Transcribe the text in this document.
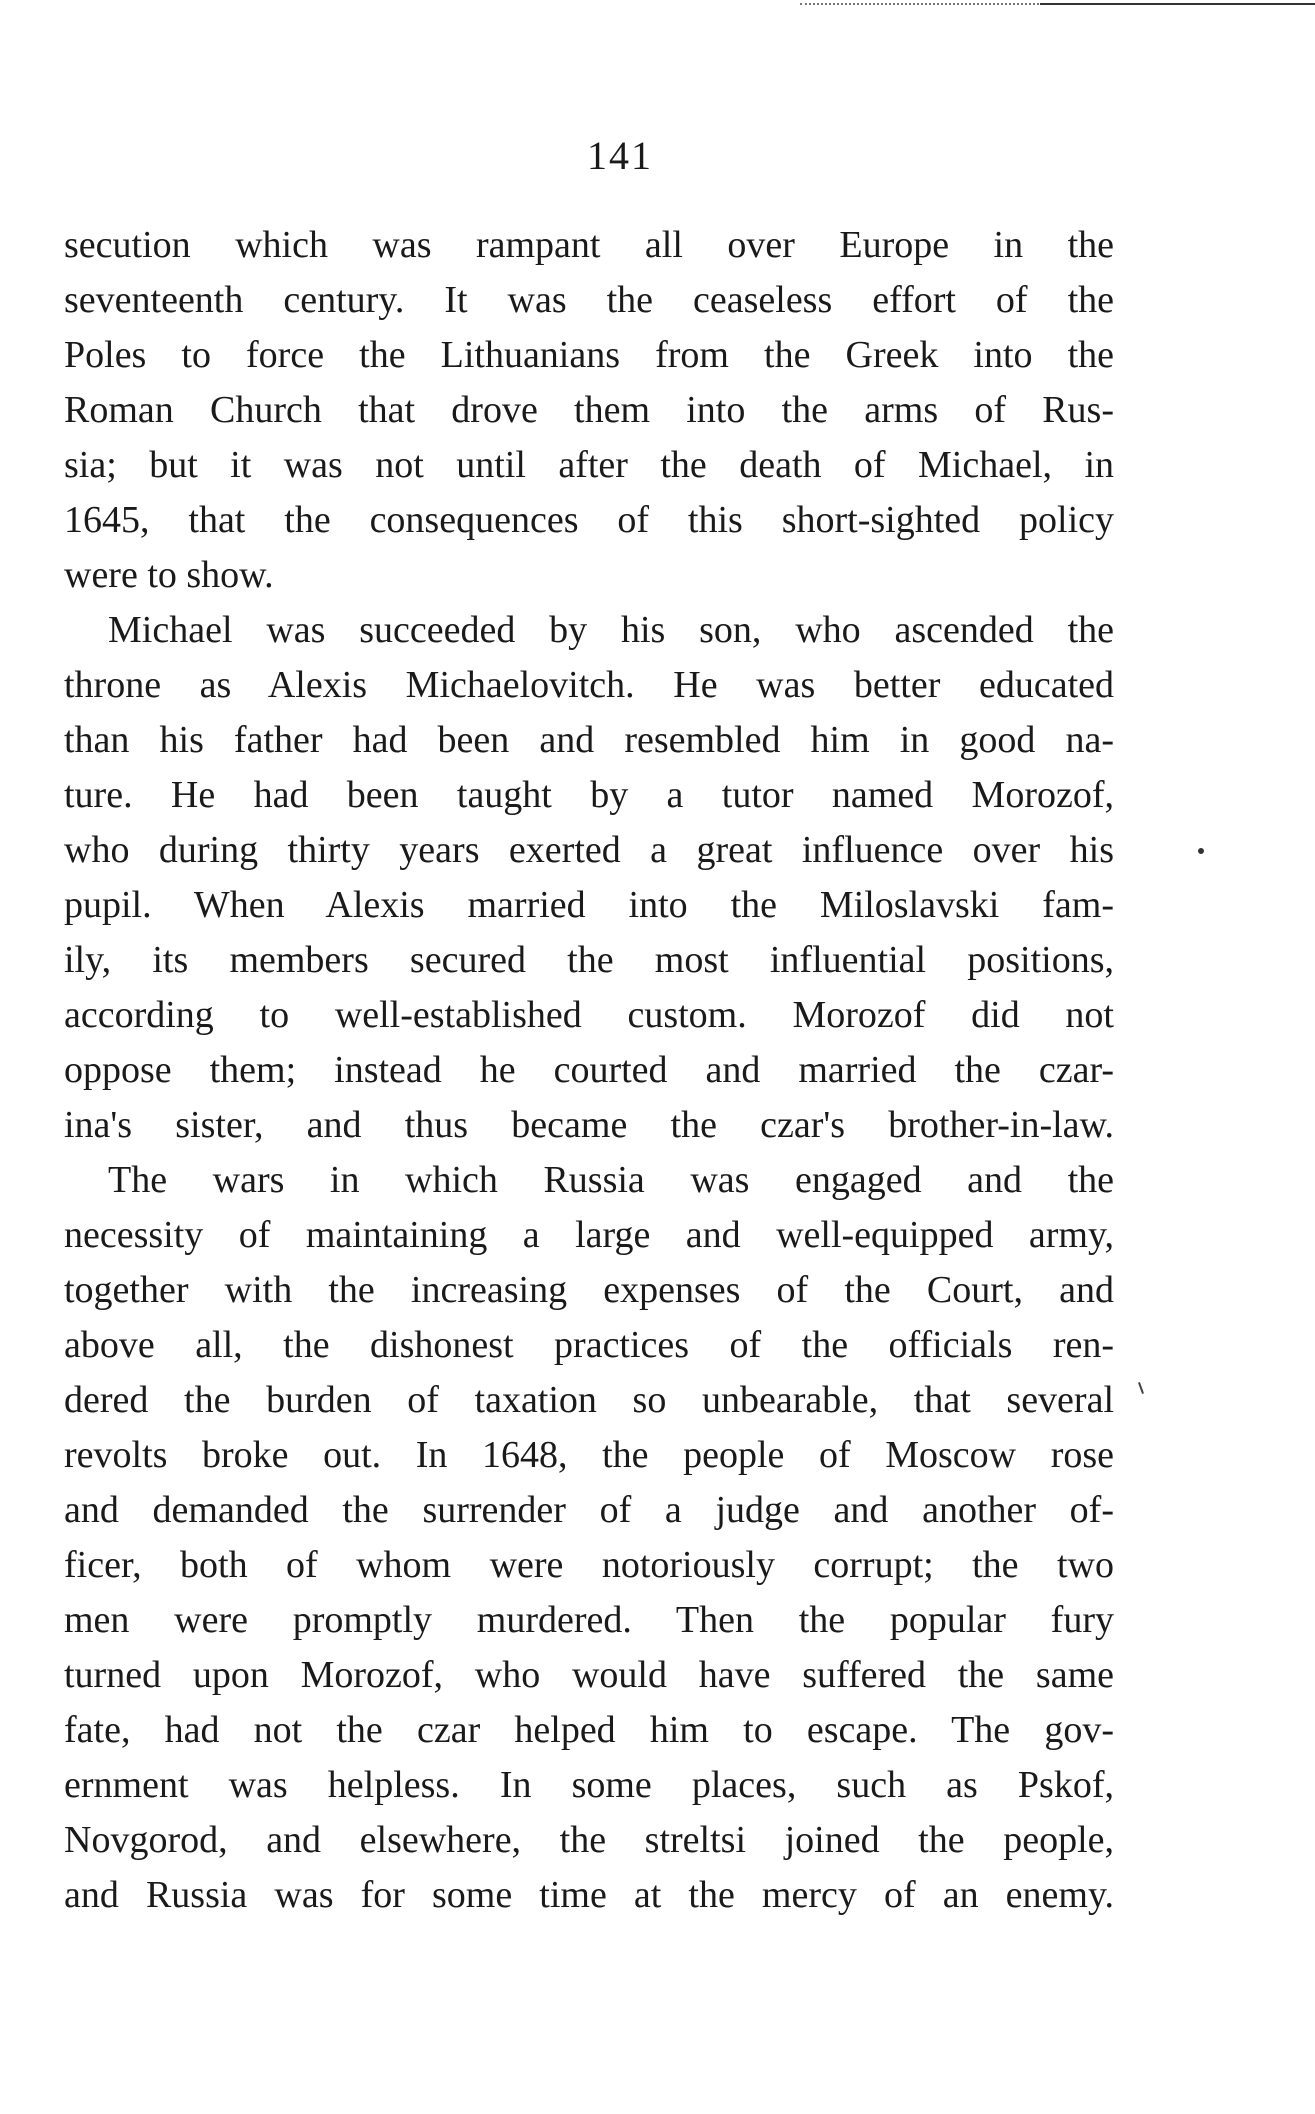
141
secution which was rampant all over Europe in the
seventeenth century. It was the ceaseless effort of the
Poles to force the Lithuanians from the Greek into the
Roman Church that drove them into the arms of Rus-
sia; but it was not until after the death of Michael, in
1645, that the consequences of this short-sighted policy
were to show.
Michael was succeeded by his son, who ascended the
throne as Alexis Michaelovitch. He was better educated
than his father had been and resembled him in good na-
ture. He had been taught by a tutor named Morozof,
who during thirty years exerted a great influence over his
pupil. When Alexis married into the Miloslavski fam-
ily, its members secured the most influential positions,
according to well-established custom. Morozof did not
oppose them; instead he courted and married the czar-
ina's sister, and thus became the czar's brother-in-law.
The wars in which Russia was engaged and the
necessity of maintaining a large and well-equipped army,
together with the increasing expenses of the Court, and
above all, the dishonest practices of the officials ren-
dered the burden of taxation so unbearable, that several
revolts broke out. In 1648, the people of Moscow rose
and demanded the surrender of a judge and another of-
ficer, both of whom were notoriously corrupt; the two
men were promptly murdered. Then the popular fury
turned upon Morozof, who would have suffered the same
fate, had not the czar helped him to escape. The gov-
ernment was helpless. In some places, such as Pskof,
Novgorod, and elsewhere, the streltsi joined the people,
and Russia was for some time at the mercy of an enemy.
